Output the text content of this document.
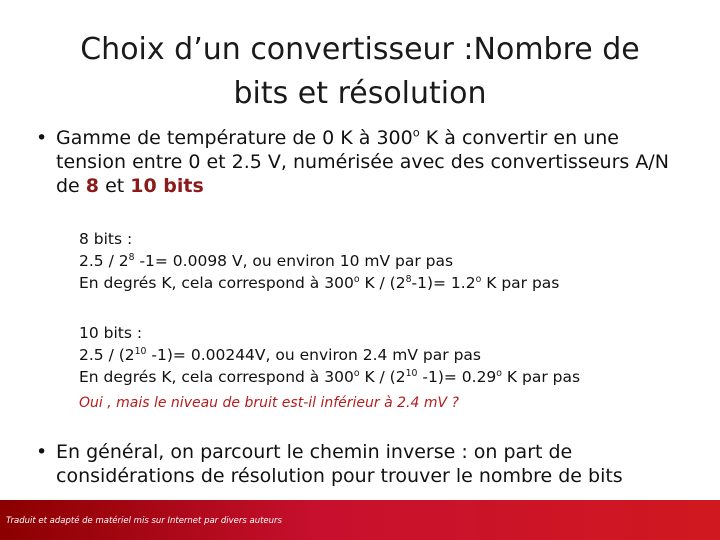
Choix d’un convertisseur :Nombre de
bits et résolution
• Gamme de température de 0 K à 300$^o$ K à convertir en une tension entre 0 et 2.5 V, numérisée avec des convertisseurs A/N de 8 et 10 bits
8 bits :
$2.5 / 2^8$ -1= 0.0098 V, ou environ 10 mV par pas
En degrés K, cela correspond à 300$^o$ $K / (2^8-1)= 1.2^o$ K par pas
10 bits :
$2.5 / (2^{10}$ -1)= 0.00244V, ou environ 2.4 mV par pas
En degrés K, cela correspond à 300$^o$ K / ($2^{10}$ $-1)= 0.29^o$ K par pas
Oui , mais le niveau de bruit est-il inférieur à 2.4 mV ?
• En général, on parcourt le chemin inverse : on part de considérations de résolution pour trouver le nombre de bits
Traduit et adapté de matériel mis sur Internet par divers auteurs
